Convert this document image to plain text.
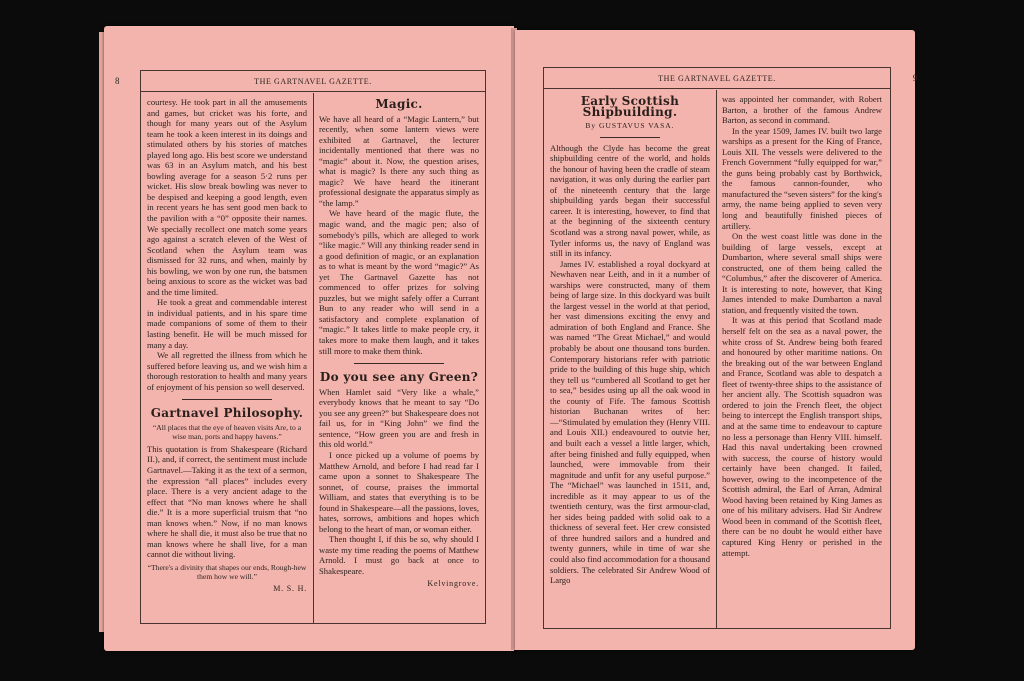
8	THE GARTNAVEL GAZETTE.

courtesy. He took part in all the amusements and games, but cricket was his forte, and though for many years out of the Asylum team he took a keen interest in its doings and stimulated others by his stories of matches played long ago. His best score we understand was 63 in an Asylum match, and his best bowling average for a season 5·2 runs per wicket. His slow break bowling was never to be despised and keeping a good length, even in recent years he has sent good men back to the pavilion with a “0” opposite their names. We specially recollect one match some years ago against a scratch eleven of the West of Scotland when the Asylum team was dismissed for 32 runs, and when, mainly by his bowling, we won by one run, the batsmen being anxious to score as the wicket was bad and the time limited.

He took a great and commendable interest in individual patients, and in his spare time made companions of some of them to their lasting benefit. He will be much missed for many a day.

We all regretted the illness from which he suffered before leaving us, and we wish him a thorough restoration to health and many years of enjoyment of his pension so well deserved.

Gartnavel Philosophy.
“All places that the eye of heaven visits Are, to a wise man, ports and happy havens.”

This quotation is from Shakespeare (Richard II.), and, if correct, the sentiment must include Gartnavel.—Taking it as the text of a sermon, the expression “all places” includes every place. There is a very ancient adage to the effect that “No man knows where he shall die.” It is a more superficial truism that “no man knows when.” Now, if no man knows where he shall die, it must also be true that no man knows where he shall live, for a man cannot die without living.

“There's a divinity that shapes our ends, Rough-hew them how we will.”
M. S. H.
Magic.

We have all heard of a “Magic Lantern,” but recently, when some lantern views were exhibited at Gartnavel, the lecturer incidentally mentioned that there was no “magic” about it. Now, the question arises, what is magic? Is there any such thing as magic? We have heard the itinerant professional designate the apparatus simply as “the lamp.”

We have heard of the magic flute, the magic wand, and the magic pen; also of somebody's pills, which are alleged to work “like magic.” Will any thinking reader send in a good definition of magic, or an explanation as to what is meant by the word “magic?” As yet The Gartnavel Gazette has not commenced to offer prizes for solving puzzles, but we might safely offer a Currant Bun to any reader who will send in a satisfactory and complete explanation of “magic.” It takes little to make people cry, it takes more to make them laugh, and it takes still more to make them think.

Do you see any Green?

When Hamlet said “Very like a whale,” everybody knows that he meant to say “Do you see any green?” but Shakespeare does not fail us, for in “King John” we find the sentence, “How green you are and fresh in this old world.”

I once picked up a volume of poems by Matthew Arnold, and before I had read far I came upon a sonnet to Shakespeare The sonnet, of course, praises the immortal William, and states that everything is to be found in Shakespeare—all the passions, loves, hates, sorrows, ambitions and hopes which belong to the heart of man, or woman either.

Then thought I, if this be so, why should I waste my time reading the poems of Matthew Arnold. I must go back at once to Shakespeare.

Kelvingrove.
THE GARTNAVEL GAZETTE.	9
Early Scottish Shipbuilding.
By GUSTAVUS VASA.

Although the Clyde has become the great shipbuilding centre of the world, and holds the honour of having been the cradle of steam navigation, it was only during the earlier part of the nineteenth century that the large shipbuilding yards began their successful career. It is interesting, however, to find that at the beginning of the sixteenth century Scotland was a strong naval power, while, as Tytler informs us, the navy of England was still in its infancy.

James IV. established a royal dockyard at Newhaven near Leith, and in it a number of warships were constructed, many of them being of large size. In this dockyard was built the largest vessel in the world at that period, her vast dimensions exciting the envy and admiration of both England and France. She was named “The Great Michael,” and would probably be about one thousand tons burden. Contemporary historians refer with patriotic pride to the building of this huge ship, which they tell us “cumbered all Scotland to get her to sea,” besides using up all the oak wood in the county of Fife. The famous Scottish historian Buchanan writes of her:—“Stimulated by emulation they (Henry VIII. and Louis XII.) endeavoured to outvie her, and built each a vessel a little larger, which, after being finished and fully equipped, when launched, were immovable from their magnitude and unfit for any useful purpose.” The “Michael” was launched in 1511, and, incredible as it may appear to us of the twentieth century, was the first armour-clad, her sides being padded with solid oak to a thickness of several feet. Her crew consisted of three hundred sailors and a hundred and twenty gunners, while in time of war she could also find accommodation for a thousand soldiers. The celebrated Sir Andrew Wood of Largo

was appointed her commander, with Robert Barton, a brother of the famous Andrew Barton, as second in command.

In the year 1509, James IV. built two large warships as a present for the King of France, Louis XII. The vessels were delivered to the French Government “fully equipped for war,” the guns being probably cast by Borthwick, the famous cannon-founder, who manufactured the “seven sisters” for the king's army, the name being applied to seven very long and beautifully finished pieces of artillery.

On the west coast little was done in the building of large vessels, except at Dumbarton, where several small ships were constructed, one of them being called the “Columbus,” after the discoverer of America. It is interesting to note, however, that King James intended to make Dumbarton a naval station, and frequently visited the town.

It was at this period that Scotland made herself felt on the sea as a naval power, the white cross of St. Andrew being both feared and honoured by other maritime nations. On the breaking out of the war between England and France, Scotland was able to despatch a fleet of twenty-three ships to the assistance of her ancient ally. The Scottish squadron was ordered to join the French fleet, the object being to intercept the English transport ships, and at the same time to endeavour to capture no less a personage than Henry VIII. himself. Had this naval undertaking been crowned with success, the course of history would certainly have been changed. It failed, however, owing to the incompetence of the Scottish admiral, the Earl of Arran, Admiral Wood having been retained by King James as one of his military advisers. Had Sir Andrew Wood been in command of the Scottish fleet, there can be no doubt he would either have captured King Henry or perished in the attempt.
